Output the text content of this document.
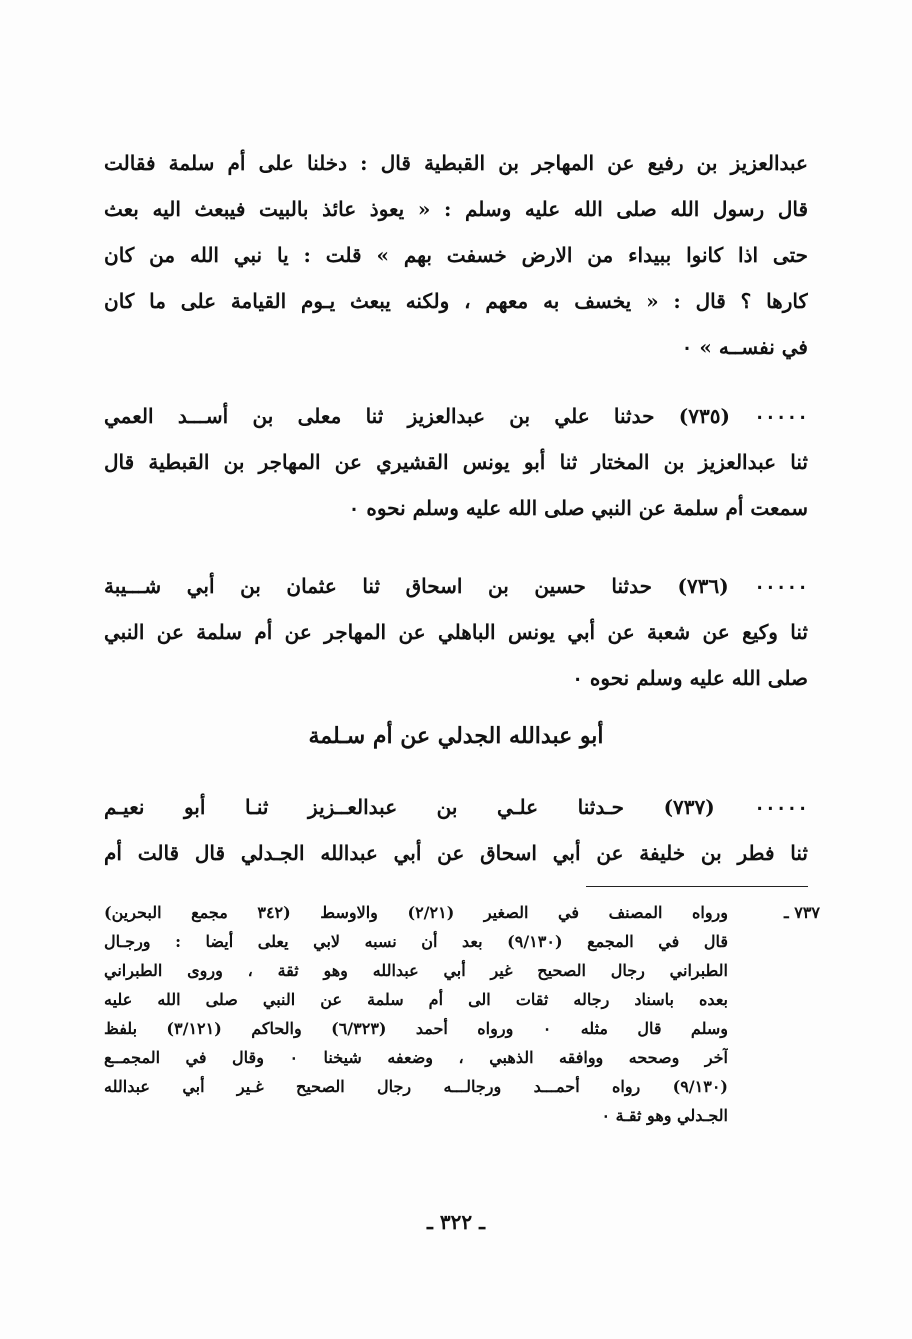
عبدالعزيز بن رفيع عن المهاجر بن القبطية قال : دخلنا على أم سلمة فقالت
قال رسول الله صلى الله عليه وسلم : « يعوذ عائذ بالبيت فيبعث اليه بعث
حتى اذا كانوا ببيداء من الارض خسفت بهم » قلت : يا نبي الله من كان
كارها ؟ قال : « يخسف به معهم ، ولكنه يبعث يـوم القيامة على ما كان
في نفســه » ٠
٠٠٠٠٠ (٧٣٥) حدثنا علي بن عبدالعزيز ثنا معلى بن أســـد العمي
ثنا عبدالعزيز بن المختار ثنا أبو يونس القشيري عن المهاجر بن القبطية قال
سمعت أم سلمة عن النبي صلى الله عليه وسلم نحوه ٠
٠٠٠٠٠ (٧٣٦) حدثنا حسين بن اسحاق ثنا عثمان بن أبي شـــيبة
ثنا وكيع عن شعبة عن أبي يونس الباهلي عن المهاجر عن أم سلمة عن النبي
صلى الله عليه وسلم نحوه ٠
أبو عبدالله الجدلي عن أم سـلمة
٠٠٠٠٠ (٧٣٧) حـدثنا علـي بن عبدالعــزيز ثنـا أبو نعيـم
ثنا فطر بن خليفة عن أبي اسحاق عن أبي عبدالله الجـدلي قال قالت أم
٧٣٧ ـ
ورواه المصنف في الصغير (٢/٢١) والاوسط (٣٤٢ مجمع البحرين)
قال في المجمع (٩/١٣٠) بعد أن نسبه لابي يعلى أيضا : ورجـال
الطبراني رجال الصحيح غير أبي عبدالله وهو ثقة ، وروى الطبراني
بعده باسناد رجاله ثقات الى أم سلمة عن النبي صلى الله عليه
وسلم قال مثله ٠ ورواه أحمد (٦/٣٢٣) والحاكم (٣/١٢١) بلفظ
آخر وصححه ووافقه الذهبي ، وضعفه شيخنا ٠ وقال في المجمــع
(٩/١٣٠) رواه أحمـــد ورجالـــه رجال الصحيح غـير أبي عبدالله
الجـدلي وهو ثقـة ٠
ـ ٣٢٢ ـ
